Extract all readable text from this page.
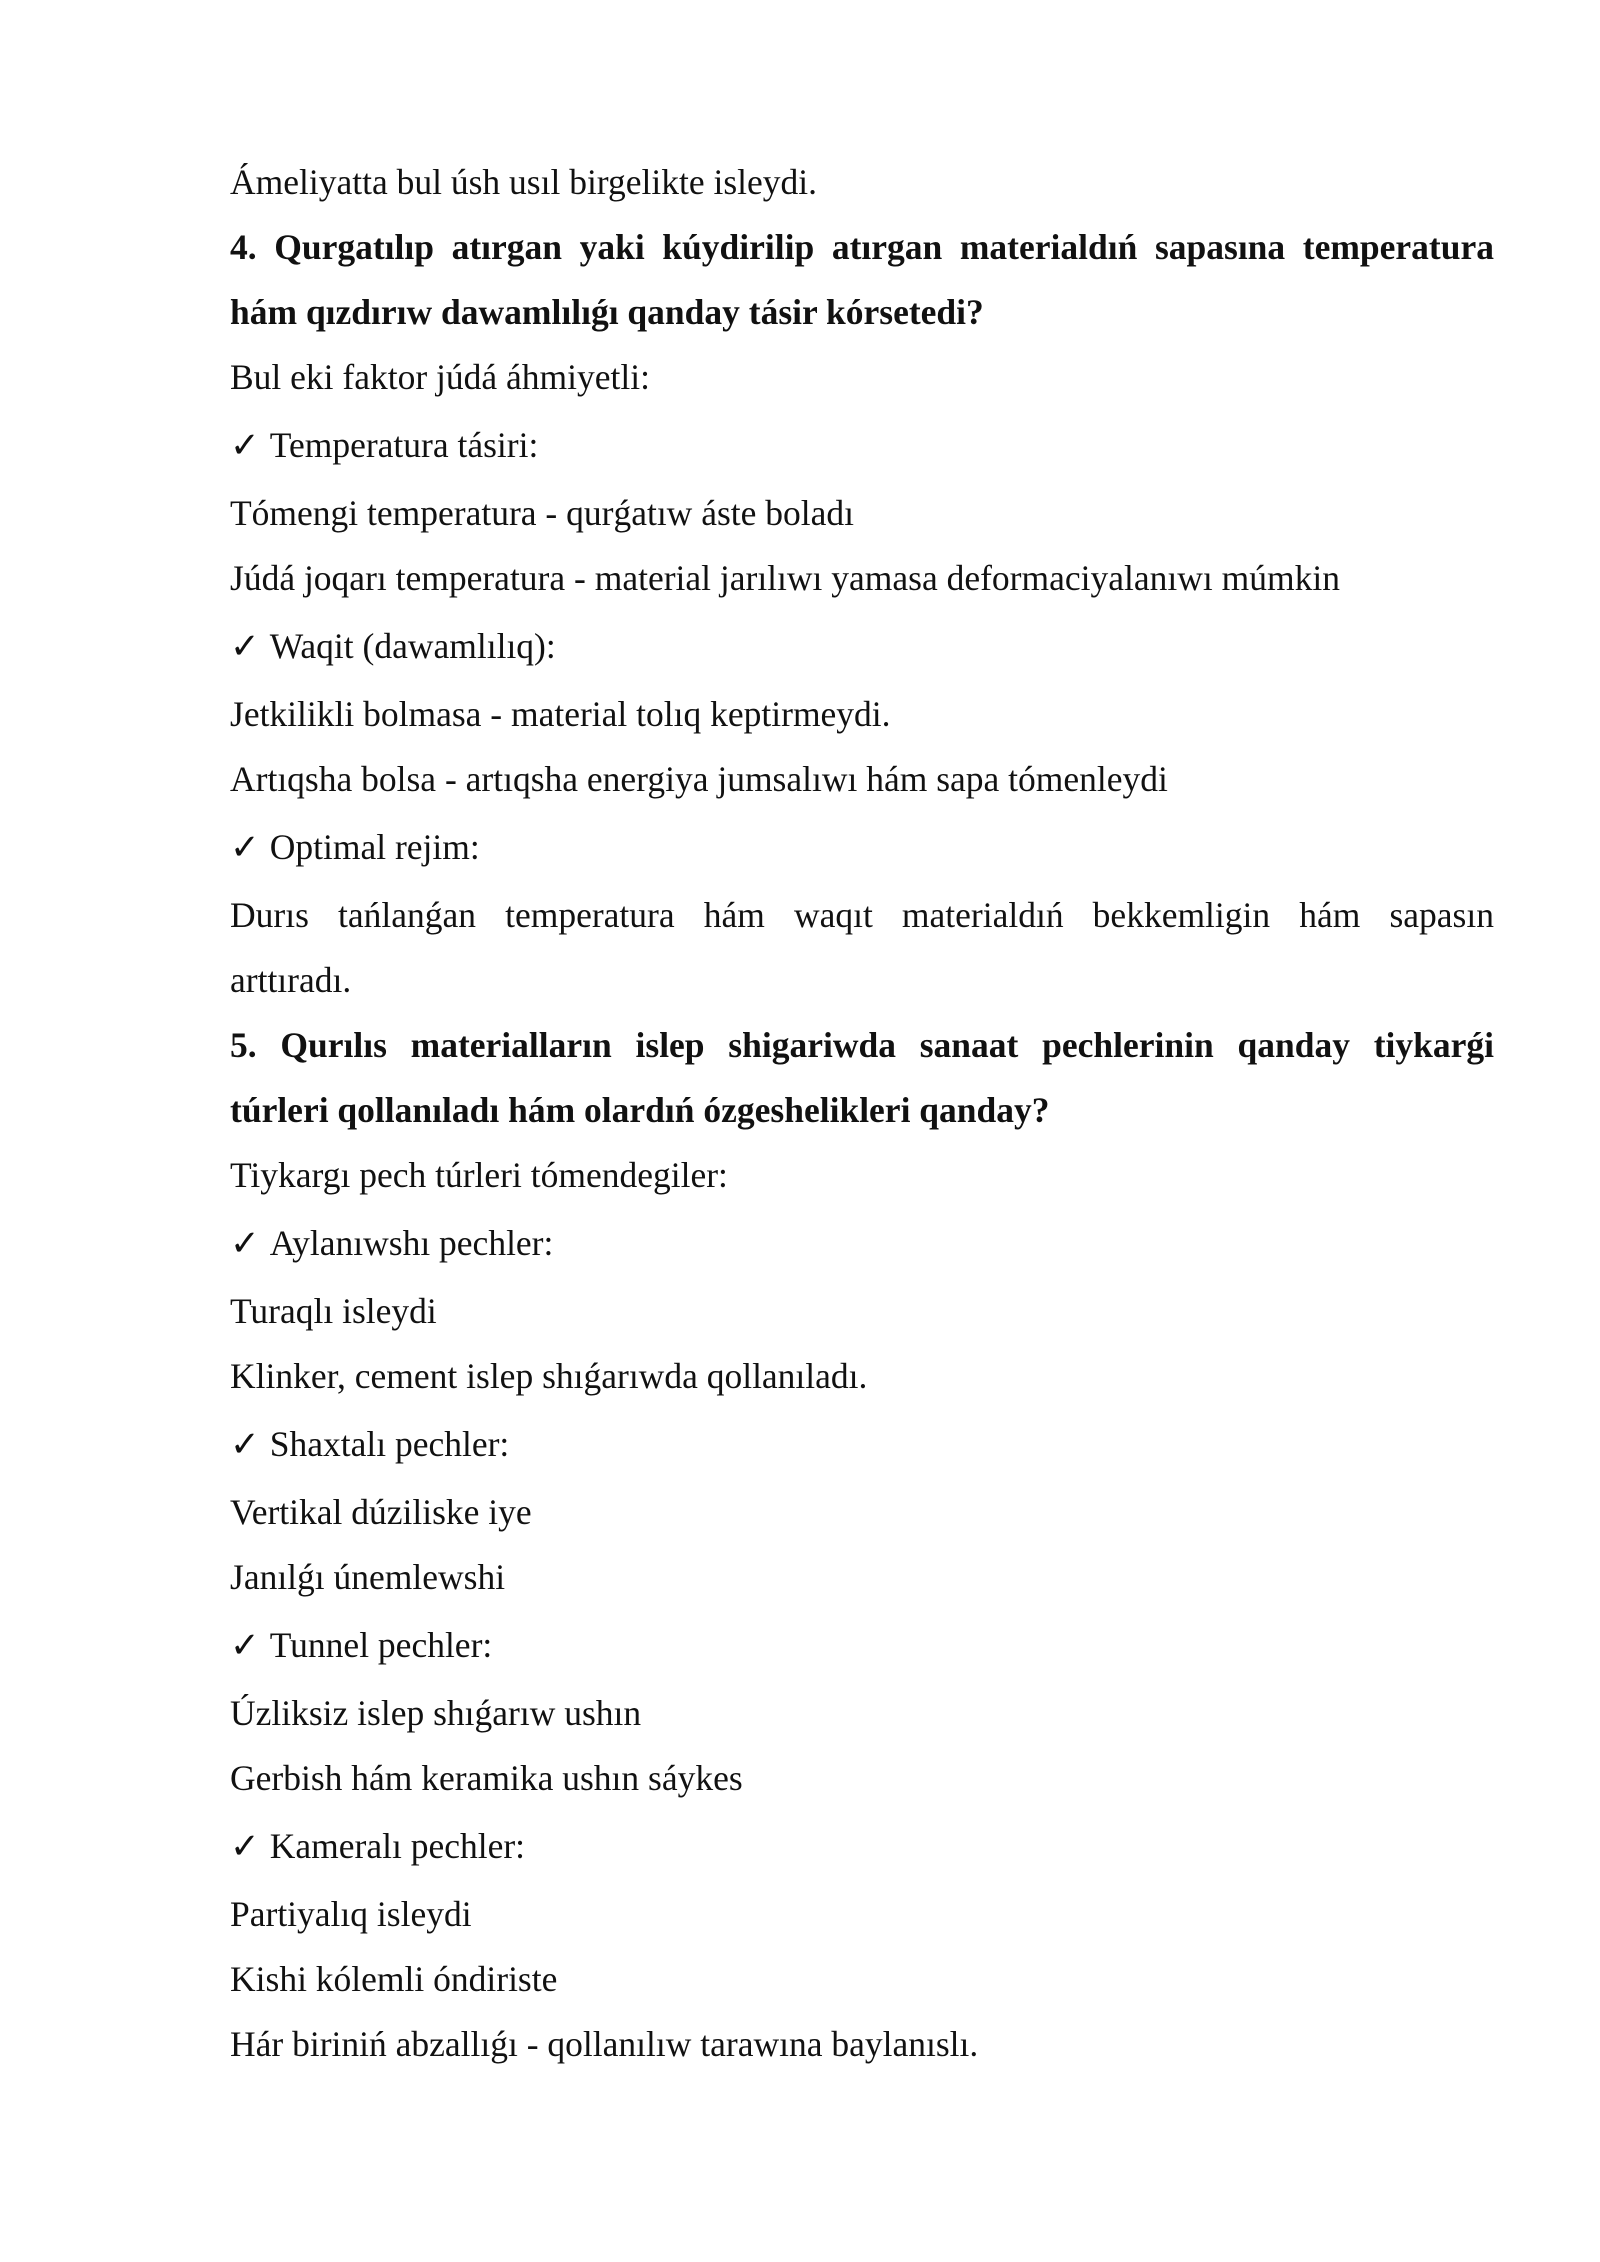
Ámeliyatta bul úsh usıl birgelikte isleydi.

4. Qurgatılıp atırgan yaki kúydirilip atırgan materialdıń sapasına temperatura

hám qızdırıw dawamlılıǵı qanday tásir kórsetedi?

Bul eki faktor júdá áhmiyetli:

✓ Temperatura tásiri:

Tómengi temperatura - qurǵatıw áste boladı

Júdá joqarı temperatura - material jarılıwı yamasa deformaciyalanıwı múmkin

✓ Waqit (dawamlılıq):

Jetkilikli bolmasa - material tolıq keptirmeydi.

Artıqsha bolsa - artıqsha energiya jumsalıwı hám sapa tómenleydi

✓ Optimal rejim:

Durıs tańlanǵan temperatura hám waqıt materialdıń bekkemligin hám sapasın

arttıradı.

5. Qurılıs materialların islep shigariwda sanaat pechlerinin qanday tiykarǵi

túrleri qollanıladı hám olardıń ózgeshelikleri qanday?

Tiykargı pech túrleri tómendegiler:

✓ Aylanıwshı pechler:

Turaqlı isleydi

Klinker, cement islep shıǵarıwda qollanıladı.

✓ Shaxtalı pechler:

Vertikal dúziliske iye

Janılǵı únemlewshi

✓ Tunnel pechler:

Úzliksiz islep shıǵarıw ushın

Gerbish hám keramika ushın sáykes

✓ Kameralı pechler:

Partiyalıq isleydi

Kishi kólemli óndiriste

Hár biriniń abzallıǵı - qollanılıw tarawına baylanıslı.
